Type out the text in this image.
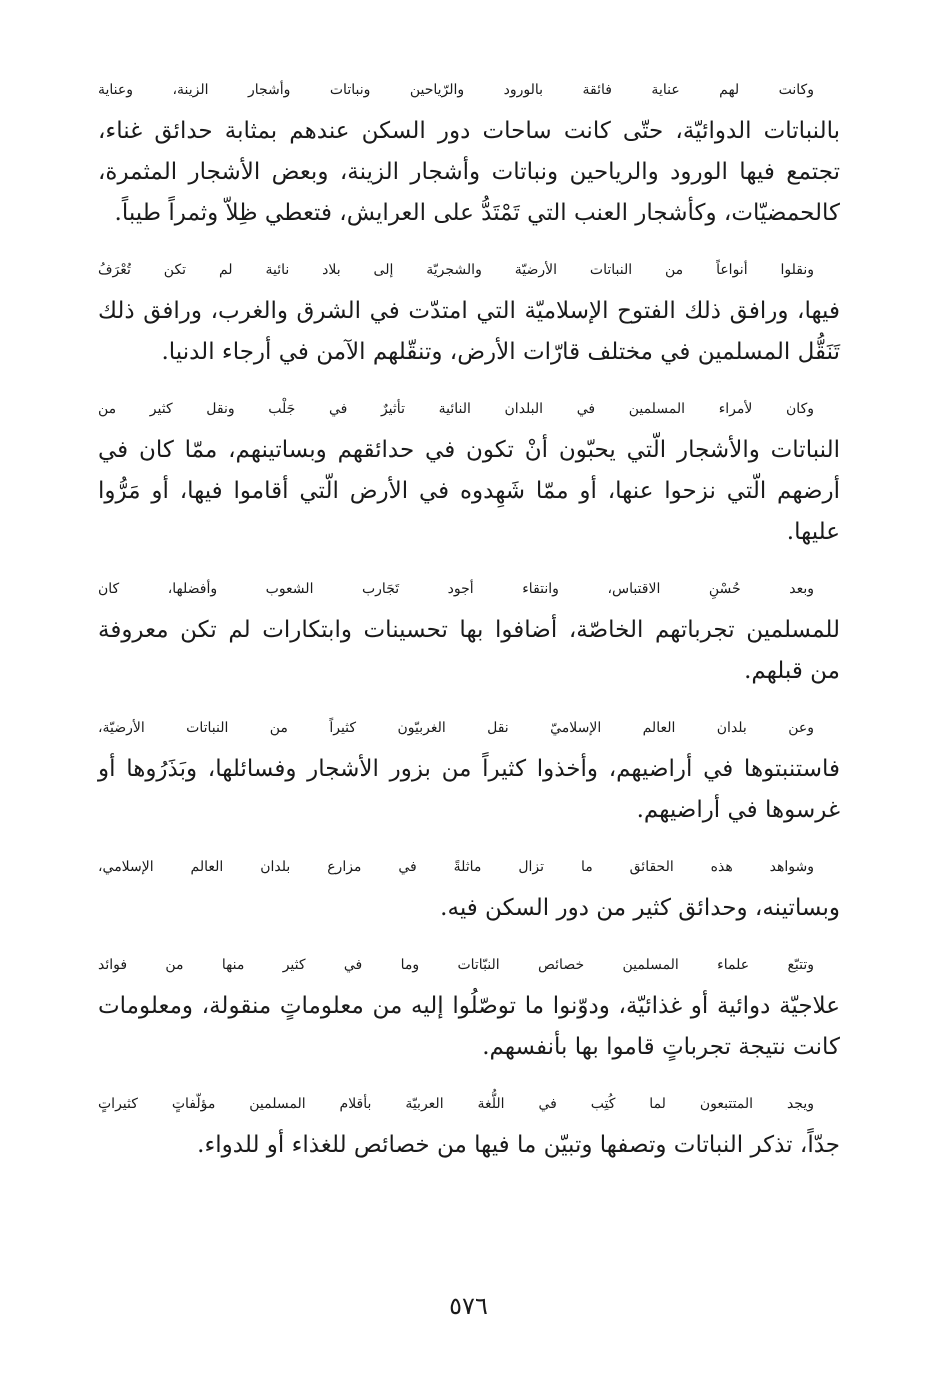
وكانت لهم عناية فائقة بالورود والرّياحين ونباتات وأشجار الزينة، وعناية
بالنباتات الدوائيّة، حتّى كانت ساحات دور السكن عندهم بمثابة حدائق غناء،
تجتمع فيها الورود والرياحين ونباتات وأشجار الزينة، وبعض الأشجار المثمرة،
كالحمضيّات، وكأشجار العنب التي تَمْتَدُّ على العرايش، فتعطي ظِلاّ وثمراً طيباً.

ونقلوا أنواعاً من النباتات الأرضيّة والشجريّة إلى بلاد نائية لم تكن تُعْرَفُ
فيها، ورافق ذلك الفتوح الإسلاميّة التي امتدّت في الشرق والغرب، ورافق ذلك
تَنَقُّل المسلمين في مختلف قارّات الأرض، وتنقّلهم الآمن في أرجاء الدنيا.

وكان لأمراء المسلمين في البلدان النائية تأثيرٌ في جَلْب ونقل كثير من
النباتات والأشجار الّتي يحبّون أنْ تكون في حدائقهم وبساتينهم، ممّا كان في
أرضهم الّتي نزحوا عنها، أو ممّا شَهِدوه في الأرض الّتي أقاموا فيها، أو مَرُّوا
عليها.

وبعد حُسْنِ الاقتباس، وانتقاء أجود تَجَارب الشعوب وأفضلها، كان
للمسلمين تجرباتهم الخاصّة، أضافوا بها تحسينات وابتكارات لم تكن معروفة
من قبلهم.

وعن بلدان العالم الإسلاميّ نقل الغربيّون كثيراً من النباتات الأرضيّة،
فاستنبتوها في أراضيهم، وأخذوا كثيراً من بزور الأشجار وفسائلها، وبَذَرُوها أو
غرسوها في أراضيهم.

وشواهد هذه الحقائق ما تزال ماثلةً في مزارع بلدان العالم الإسلامي،
وبساتينه، وحدائق كثير من دور السكن فيه.

وتتبّع علماء المسلمين خصائص النبّاتات وما في كثير منها من فوائد
علاجيّة دوائية أو غذائيّة، ودوّنوا ما توصّلُوا إليه من معلوماتٍ منقولة، ومعلومات
كانت نتيجة تجرباتٍ قاموا بها بأنفسهم.

ويجد المتتبعون لما كُتِب في اللُّغة العربيّة بأقلام المسلمين مؤلّفاتٍ كثيراتٍ
جدّاً، تذكر النباتات وتصفها وتبيّن ما فيها من خصائص للغذاء أو للدواء.

٥٧٦
